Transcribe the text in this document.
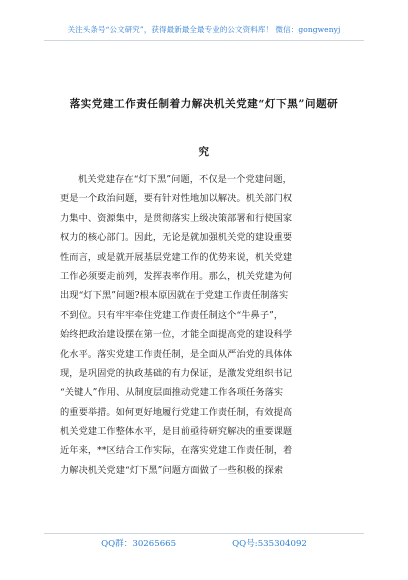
关注头条号“公文研究”，获得最新最全最专业的公文资料库！ 微信：gongwenyj
落实党建工作责任制着力解决机关党建“灯下黑”问题研
究
机关党建存在“灯下黑”问题，不仅是一个党建问题，
更是一个政治问题，要有针对性地加以解决。机关部门权
力集中、资源集中，是贯彻落实上级决策部署和行使国家
权力的核心部门。因此，无论是就加强机关党的建设重要
性而言，或是就开展基层党建工作的优势来说，机关党建
工作必须要走前列，发挥表率作用。那么，机关党建为何
出现“灯下黑”问题?根本原因就在于党建工作责任制落实
不到位。只有牢牢牵住党建工作责任制这个“牛鼻子”，
始终把政治建设摆在第一位，才能全面提高党的建设科学
化水平。落实党建工作责任制，是全面从严治党的具体体
现，是巩固党的执政基础的有力保证，是激发党组织书记
“关键人”作用、从制度层面推动党建工作各项任务落实
的重要举措。如何更好地履行党建工作责任制，有效提高
机关党建工作整体水平，是目前亟待研究解决的重要课题
近年来，**区结合工作实际，在落实党建工作责任制，着
力解决机关党建“灯下黑”问题方面做了一些积极的探索
QQ群：30265665	QQ号:535304092
